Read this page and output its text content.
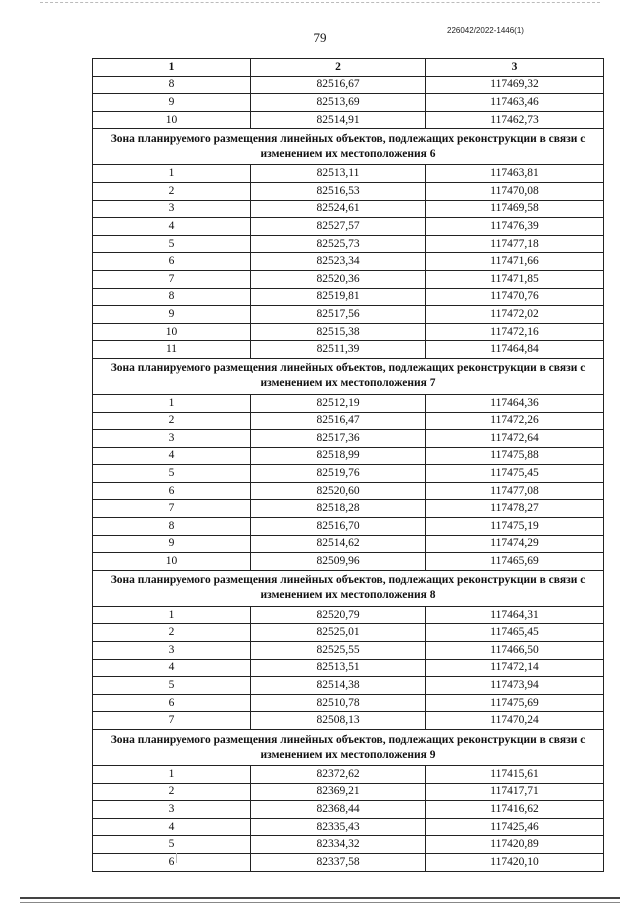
79	226042/2022-1446(1)
1	2	3
8	82516,67	117469,32
9	82513,69	117463,46
10	82514,91	117462,73
Зона планируемого размещения линейных объектов, подлежащих реконструкции в связи с изменением их местоположения 6		
1	82513,11	117463,81
2	82516,53	117470,08
3	82524,61	117469,58
4	82527,57	117476,39
5	82525,73	117477,18
6	82523,34	117471,66
7	82520,36	117471,85
8	82519,81	117470,76
9	82517,56	117472,02
10	82515,38	117472,16
11	82511,39	117464,84
Зона планируемого размещения линейных объектов, подлежащих реконструкции в связи с изменением их местоположения 7		
1	82512,19	117464,36
2	82516,47	117472,26
3	82517,36	117472,64
4	82518,99	117475,88
5	82519,76	117475,45
6	82520,60	117477,08
7	82518,28	117478,27
8	82516,70	117475,19
9	82514,62	117474,29
10	82509,96	117465,69
Зона планируемого размещения линейных объектов, подлежащих реконструкции в связи с изменением их местоположения 8		
1	82520,79	117464,31
2	82525,01	117465,45
3	82525,55	117466,50
4	82513,51	117472,14
5	82514,38	117473,94
6	82510,78	117475,69
7	82508,13	117470,24
Зона планируемого размещения линейных объектов, подлежащих реконструкции в связи с изменением их местоположения 9		
1	82372,62	117415,61
2	82369,21	117417,71
3	82368,44	117416,62
4	82335,43	117425,46
5	82334,32	117420,89
6	82337,58	117420,10
